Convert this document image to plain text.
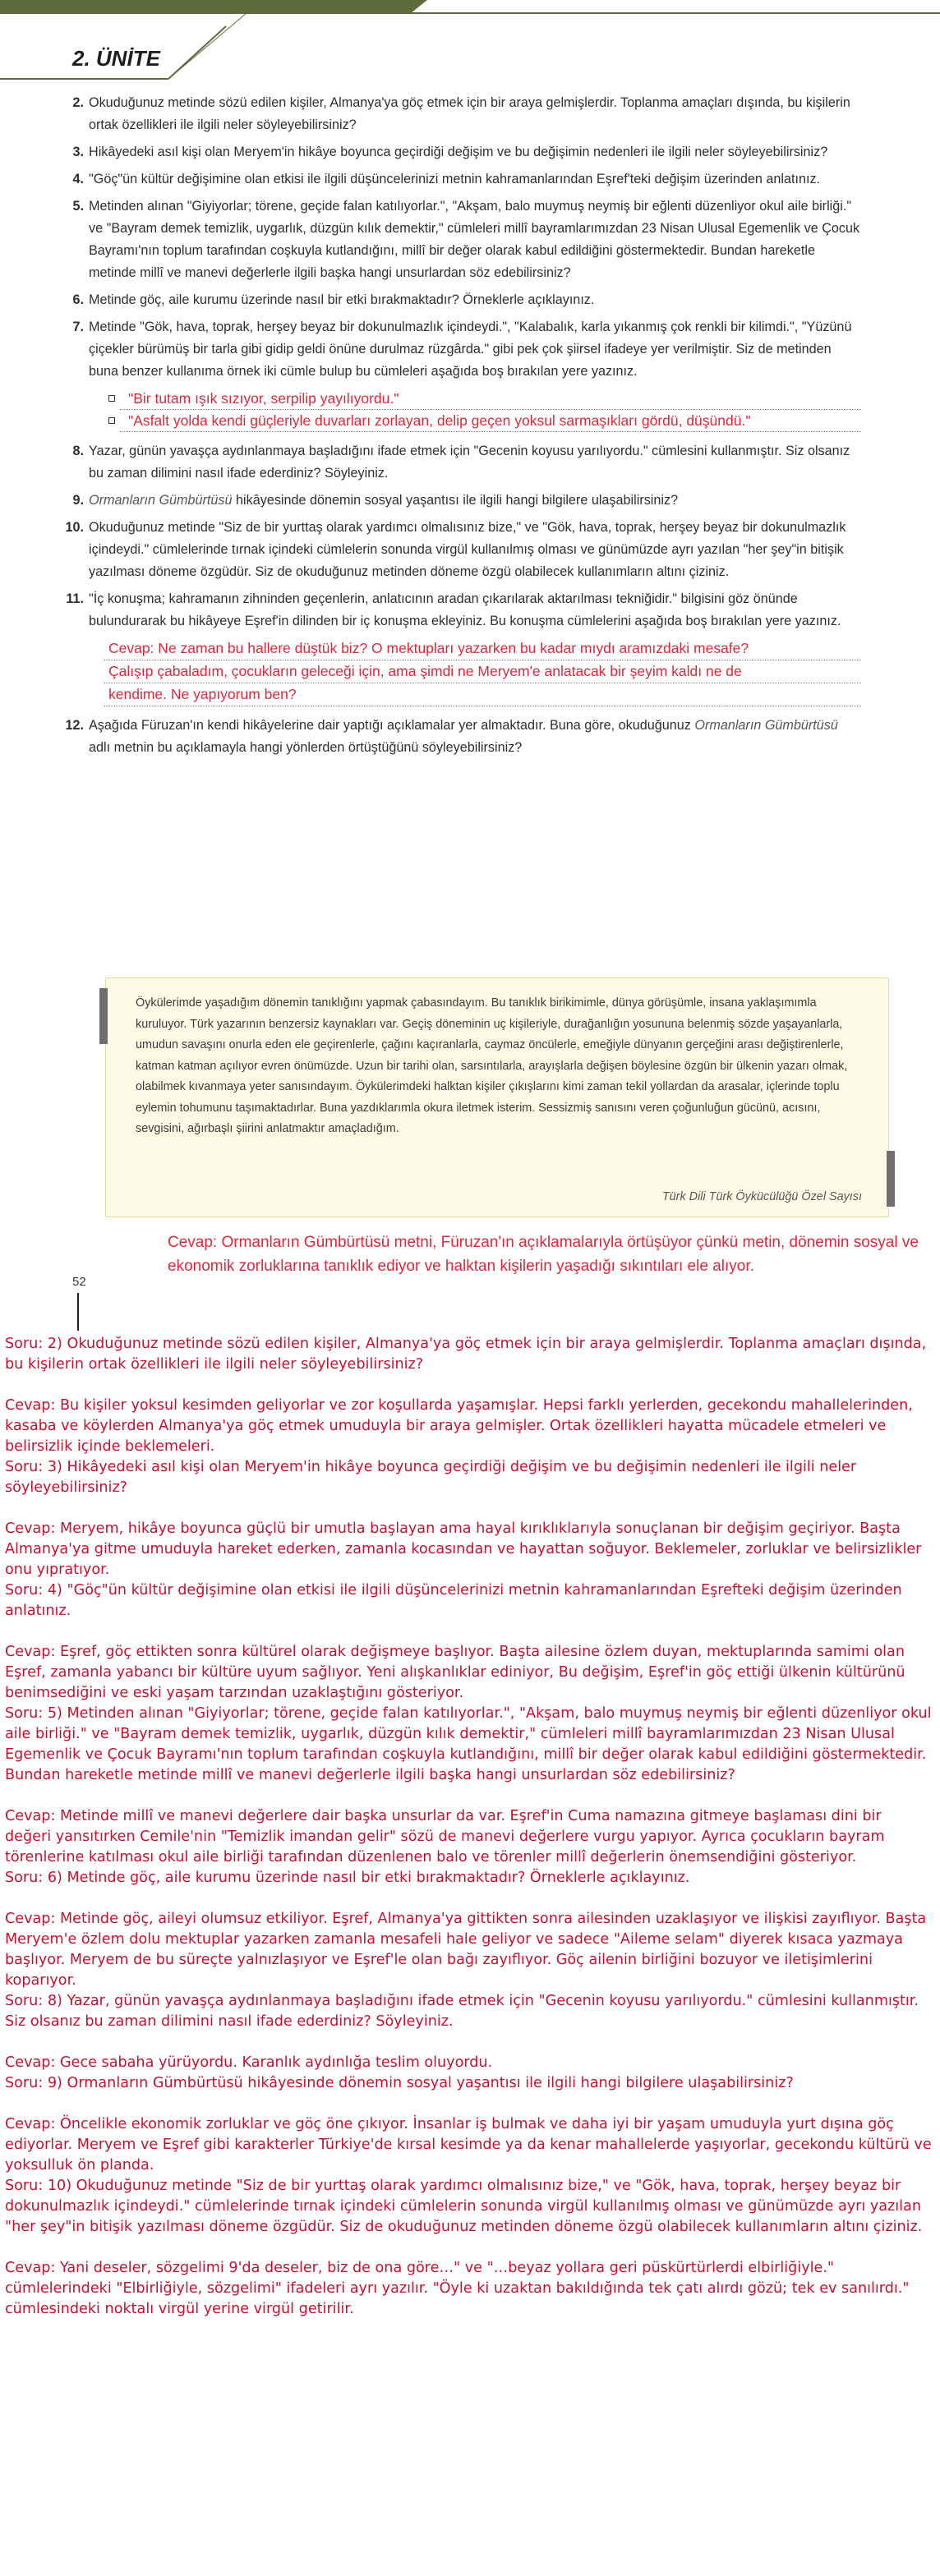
2. ÜNİTE
2 . Okuduğunuz metinde sözü edilen kişiler, Almanya'ya göç etmek için bir araya gelmişlerdir. Toplanma amaçları dışında, bu kişilerin ortak özellikleri ile ilgili neler söyleyebilirsiniz?
3 . Hikâyedeki asıl kişi olan Meryem'in hikâye boyunca geçirdiği değişim ve bu değişimin nedenleri ile ilgili neler söyleyebilirsiniz?
4 . "Göç"ün kültür değişimine olan etkisi ile ilgili düşüncelerinizi metnin kahramanlarından Eşref'teki değişim üzerinden anlatınız.
5 . Metinden alınan "Giyiyorlar; törene, geçide falan katılıyorlar.", "Akşam, balo muymuş neymiş bir eğlenti düzenliyor okul aile birliği." ve "Bayram demek temizlik, uygarlık, düzgün kılık demektir," cümleleri millî bayramlarımızdan 23 Nisan Ulusal Egemenlik ve Çocuk Bayramı'nın toplum tarafından coşkuyla kutlandığını, millî bir değer olarak kabul edildiğini göstermektedir. Bundan hareketle metinde millî ve manevi değerlerle ilgili başka hangi unsurlardan söz edebilirsiniz?
6 . Metinde göç, aile kurumu üzerinde nasıl bir etki bırakmaktadır? Örneklerle açıklayınız.
7 . Metinde "Gök, hava, toprak, herşey beyaz bir dokunulmazlık içindeydi.", "Kalabalık, karla yıkanmış çok renkli bir kilimdi.", "Yüzünü çiçekler bürümüş bir tarla gibi gidip geldi önüne durulmaz rüzgârda." gibi pek çok şiirsel ifadeye yer verilmiştir. Siz de metinden buna benzer kullanıma örnek iki cümle bulup bu cümleleri aşağıda boş bırakılan yere yazınız.
"Bir tutam ışık sızıyor, serpilip yayılıyordu."
"Asfalt yolda kendi güçleriyle duvarları zorlayan, delip geçen yoksul sarmaşıkları gördü, düşündü."
8 . Yazar, günün yavaşça aydınlanmaya başladığını ifade etmek için "Gecenin koyusu yarılıyordu." cümlesini kullanmıştır. Siz olsanız bu zaman dilimini nasıl ifade ederdiniz? Söyleyiniz.
9 . Ormanların Gümbürtüsü hikâyesinde dönemin sosyal yaşantısı ile ilgili hangi bilgilere ulaşabilirsiniz?
10 . Okuduğunuz metinde "Siz de bir yurttaş olarak yardımcı olmalısınız bize," ve "Gök, hava, toprak, herşey beyaz bir dokunulmazlık içindeydi." cümlelerinde tırnak içindeki cümlelerin sonunda virgül kullanılmış olması ve günümüzde ayrı yazılan "her şey"in bitişik yazılması döneme özgüdür. Siz de okuduğunuz metinden döneme özgü olabilecek kullanımların altını çiziniz.
11 . "İç konuşma; kahramanın zihninden geçenlerin, anlatıcının aradan çıkarılarak aktarılması tekniğidir." bilgisini göz önünde bulundurarak bu hikâyeye Eşref'in dilinden bir iç konuşma ekleyiniz. Bu konuşma cümlelerini aşağıda boş bırakılan yere yazınız.
Cevap: Ne zaman bu hallere düştük biz? O mektupları yazarken bu kadar mıydı aramızdaki mesafe?
Çalışıp çabaladım, çocukların geleceği için, ama şimdi ne Meryem'e anlatacak bir şeyim kaldı ne de
kendime. Ne yapıyorum ben?
12 . Aşağıda Füruzan'ın kendi hikâyelerine dair yaptığı açıklamalar yer almaktadır. Buna göre, okuduğunuz Ormanların Gümbürtüsü adlı metnin bu açıklamayla hangi yönlerden örtüştüğünü söyleyebilirsiniz?
Öykülerimde yaşadığım dönemin tanıklığını yapmak çabasındayım. Bu tanıklık birikimimle, dünya görüşümle, insana yaklaşımımla kuruluyor. Türk yazarının benzersiz kaynakları var. Geçiş döneminin uç kişileriyle, durağanlığın yosununa belenmiş sözde yaşayanlarla, umudun savaşını onurla eden ele geçirenlerle, çağını kaçıranlarla, caymaz öncülerle, emeğiyle dünyanın gerçeğini arası değiştirenlerle, katman katman açılıyor evren önümüzde. Uzun bir tarihi olan, sarsıntılarla, arayışlarla değişen böylesine özgün bir ülkenin yazarı olmak, olabilmek kıvanmaya yeter sanısındayım. Öykülerimdeki halktan kişiler çıkışlarını kimi zaman tekil yollardan da arasalar, içlerinde toplu eylemin tohumunu taşımaktadırlar. Buna yazdıklarımla okura iletmek isterim. Sessizmiş sanısını veren çoğunluğun gücünü, acısını, sevgisini, ağırbaşlı şiirini anlatmaktır amaçladığım.
Türk Dili Türk Öykücülüğü Özel Sayısı
Cevap: Ormanların Gümbürtüsü metni, Füruzan'ın açıklamalarıyla örtüşüyor çünkü metin, dönemin sosyal ve ekonomik zorluklarına tanıklık ediyor ve halktan kişilerin yaşadığı sıkıntıları ele alıyor.
52

Soru: 2) Okuduğunuz metinde sözü edilen kişiler, Almanya'ya göç etmek için bir araya gelmişlerdir. Toplanma amaçları dışında, bu kişilerin ortak özellikleri ile ilgili neler söyleyebilirsiniz?

Cevap: Bu kişiler yoksul kesimden geliyorlar ve zor koşullarda yaşamışlar. Hepsi farklı yerlerden, gecekondu mahallelerinden, kasaba ve köylerden Almanya'ya göç etmek umuduyla bir araya gelmişler. Ortak özellikleri hayatta mücadele etmeleri ve belirsizlik içinde beklemeleri.

Soru: 3) Hikâyedeki asıl kişi olan Meryem'in hikâye boyunca geçirdiği değişim ve bu değişimin nedenleri ile ilgili neler söyleyebilirsiniz?

Cevap: Meryem, hikâye boyunca güçlü bir umutla başlayan ama hayal kırıklıklarıyla sonuçlanan bir değişim geçiriyor. Başta Almanya'ya gitme umuduyla hareket ederken, zamanla kocasından ve hayattan soğuyor. Beklemeler, zorluklar ve belirsizlikler onu yıpratıyor.

Soru: 4) "Göç"ün kültür değişimine olan etkisi ile ilgili düşüncelerinizi metnin kahramanlarından Eşrefteki değişim üzerinden anlatınız.

Cevap: Eşref, göç ettikten sonra kültürel olarak değişmeye başlıyor. Başta ailesine özlem duyan, mektuplarında samimi olan Eşref, zamanla yabancı bir kültüre uyum sağlıyor. Yeni alışkanlıklar ediniyor, Bu değişim, Eşref'in göç ettiği ülkenin kültürünü benimsediğini ve eski yaşam tarzından uzaklaştığını gösteriyor.

Soru: 5) Metinden alınan "Giyiyorlar; törene, geçide falan katılıyorlar.", "Akşam, balo muymuş neymiş bir eğlenti düzenliyor okul aile birliği." ve "Bayram demek temizlik, uygarlık, düzgün kılık demektir," cümleleri millî bayramlarımızdan 23 Nisan Ulusal Egemenlik ve Çocuk Bayramı'nın toplum tarafından coşkuyla kutlandığını, millî bir değer olarak kabul edildiğini göstermektedir. Bundan hareketle metinde millî ve manevi değerlerle ilgili başka hangi unsurlardan söz edebilirsiniz?

Cevap: Metinde millî ve manevi değerlere dair başka unsurlar da var. Eşref'in Cuma namazına gitmeye başlaması dini bir değeri yansıtırken Cemile'nin "Temizlik imandan gelir" sözü de manevi değerlere vurgu yapıyor. Ayrıca çocukların bayram törenlerine katılması okul aile birliği tarafından düzenlenen balo ve törenler millî değerlerin önemsendiğini gösteriyor.

Soru: 6) Metinde göç, aile kurumu üzerinde nasıl bir etki bırakmaktadır? Örneklerle açıklayınız.

Cevap: Metinde göç, aileyi olumsuz etkiliyor. Eşref, Almanya'ya gittikten sonra ailesinden uzaklaşıyor ve ilişkisi zayıflıyor. Başta Meryem'e özlem dolu mektuplar yazarken zamanla mesafeli hale geliyor ve sadece "Aileme selam" diyerek kısaca yazmaya başlıyor. Meryem de bu süreçte yalnızlaşıyor ve Eşref'le olan bağı zayıflıyor. Göç ailenin birliğini bozuyor ve iletişimlerini koparıyor.

Soru: 8) Yazar, günün yavaşça aydınlanmaya başladığını ifade etmek için "Gecenin koyusu yarılıyordu." cümlesini kullanmıştır. Siz olsanız bu zaman dilimini nasıl ifade ederdiniz? Söyleyiniz.

Cevap: Gece sabaha yürüyordu. Karanlık aydınlığa teslim oluyordu.

Soru: 9) Ormanların Gümbürtüsü hikâyesinde dönemin sosyal yaşantısı ile ilgili hangi bilgilere ulaşabilirsiniz?

Cevap: Öncelikle ekonomik zorluklar ve göç öne çıkıyor. İnsanlar iş bulmak ve daha iyi bir yaşam umuduyla yurt dışına göç ediyorlar. Meryem ve Eşref gibi karakterler Türkiye'de kırsal kesimde ya da kenar mahallelerde yaşıyorlar, gecekondu kültürü ve yoksulluk ön planda.

Soru: 10) Okuduğunuz metinde "Siz de bir yurttaş olarak yardımcı olmalısınız bize," ve "Gök, hava, toprak, herşey beyaz bir dokunulmazlık içindeydi." cümlelerinde tırnak içindeki cümlelerin sonunda virgül kullanılmış olması ve günümüzde ayrı yazılan "her şey"in bitişik yazılması döneme özgüdür. Siz de okuduğunuz metinden döneme özgü olabilecek kullanımların altını çiziniz.

Cevap: Yani deseler, sözgelimi 9'da deseler, biz de ona göre…" ve "…beyaz yollara geri püskürtürlerdi elbirliğiyle." cümlelerindeki "Elbirliğiyle, sözgelimi" ifadeleri ayrı yazılır. "Öyle ki uzaktan bakıldığında tek çatı alırdı gözü; tek ev sanılırdı." cümlesindeki noktalı virgül yerine virgül getirilir.
